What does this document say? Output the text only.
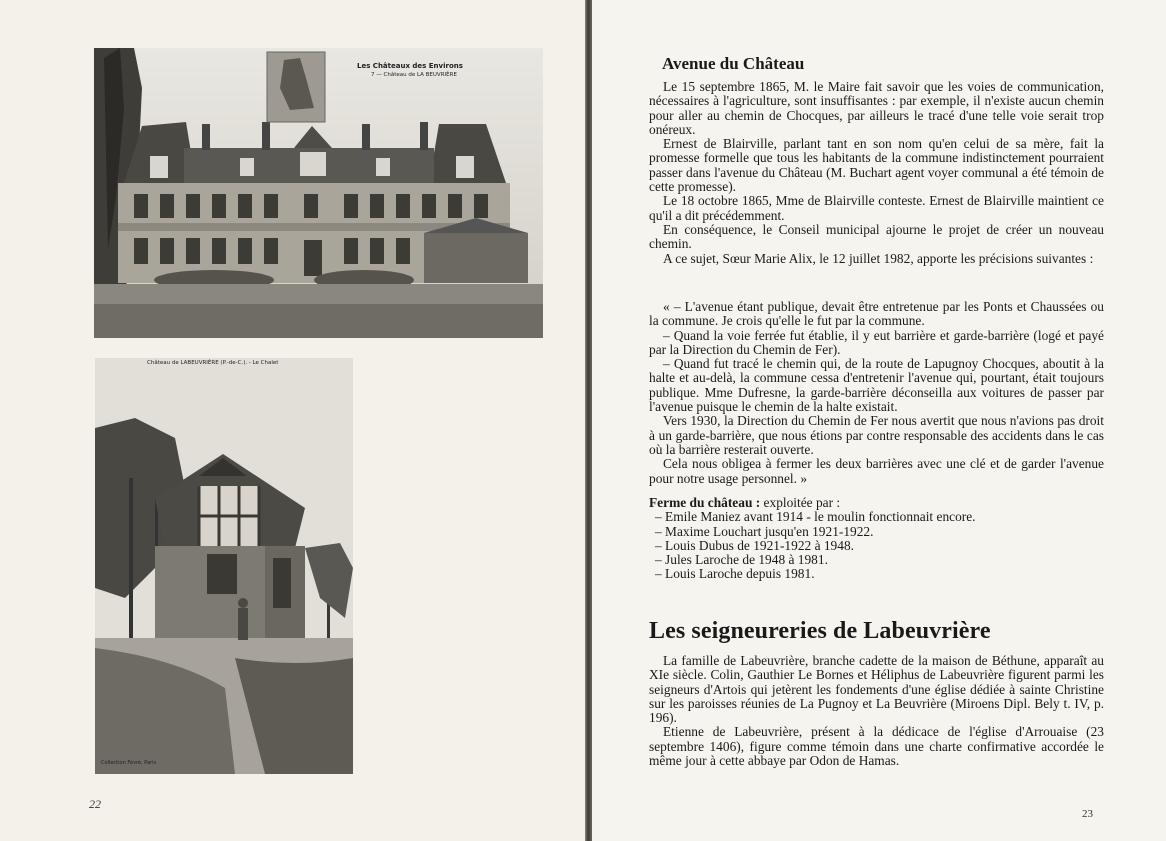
Les Châteaux des Environs
7 — Château de LA BEUVRIÈRE
Château de LABEUVRIÈRE (P.-de-C.). - Le Chalet
Collection Fèvré, Paris
22
Avenue du Château

Le 15 septembre 1865, M. le Maire fait savoir que les voies de communication, nécessaires à l'agriculture, sont insuffisantes : par exemple, il n'existe aucun chemin pour aller au chemin de Chocques, par ailleurs le tracé d'une telle voie serait trop onéreux.

Ernest de Blairville, parlant tant en son nom qu'en celui de sa mère, fait la promesse formelle que tous les habitants de la commune indistinctement pourraient passer dans l'avenue du Château (M. Buchart agent voyer communal a été témoin de cette promesse).

Le 18 octobre 1865, Mme de Blairville conteste. Ernest de Blairville maintient ce qu'il a dit précédemment.

En conséquence, le Conseil municipal ajourne le projet de créer un nouveau chemin.

A ce sujet, Sœur Marie Alix, le 12 juillet 1982, apporte les précisions suivantes :

« – L'avenue étant publique, devait être entretenue par les Ponts et Chaussées ou la commune. Je crois qu'elle le fut par la commune.

– Quand la voie ferrée fut établie, il y eut barrière et garde-barrière (logé et payé par la Direction du Chemin de Fer).

– Quand fut tracé le chemin qui, de la route de Lapugnoy Chocques, aboutit à la halte et au-delà, la commune cessa d'entretenir l'avenue qui, pourtant, était toujours publique. Mme Dufresne, la garde-barrière déconseilla aux voitures de passer par l'avenue puisque le chemin de la halte existait.

Vers 1930, la Direction du Chemin de Fer nous avertit que nous n'avions pas droit à un garde-barrière, que nous étions par contre responsable des accidents dans le cas où la barrière resterait ouverte.

Cela nous obligea à fermer les deux barrières avec une clé et de garder l'avenue pour notre usage personnel. »

Ferme du château : exploitée par :

– Emile Maniez avant 1914 - le moulin fonctionnait encore.

– Maxime Louchart jusqu'en 1921-1922.

– Louis Dubus de 1921-1922 à 1948.

– Jules Laroche de 1948 à 1981.

– Louis Laroche depuis 1981.

Les seigneureries de Labeuvrière

La famille de Labeuvrière, branche cadette de la maison de Béthune, apparaît au XIe siècle. Colin, Gauthier Le Bornes et Héliphus de Labeuvrière figurent parmi les seigneurs d'Artois qui jetèrent les fondements d'une église dédiée à sainte Christine sur les paroisses réunies de La Pugnoy et La Beuvrière (Miroens Dipl. Bely t. IV, p. 196).

Etienne de Labeuvrière, présent à la dédicace de l'église d'Arrouaise (23 septembre 1406), figure comme témoin dans une charte confirmative accordée le même jour à cette abbaye par Odon de Hamas.

23
